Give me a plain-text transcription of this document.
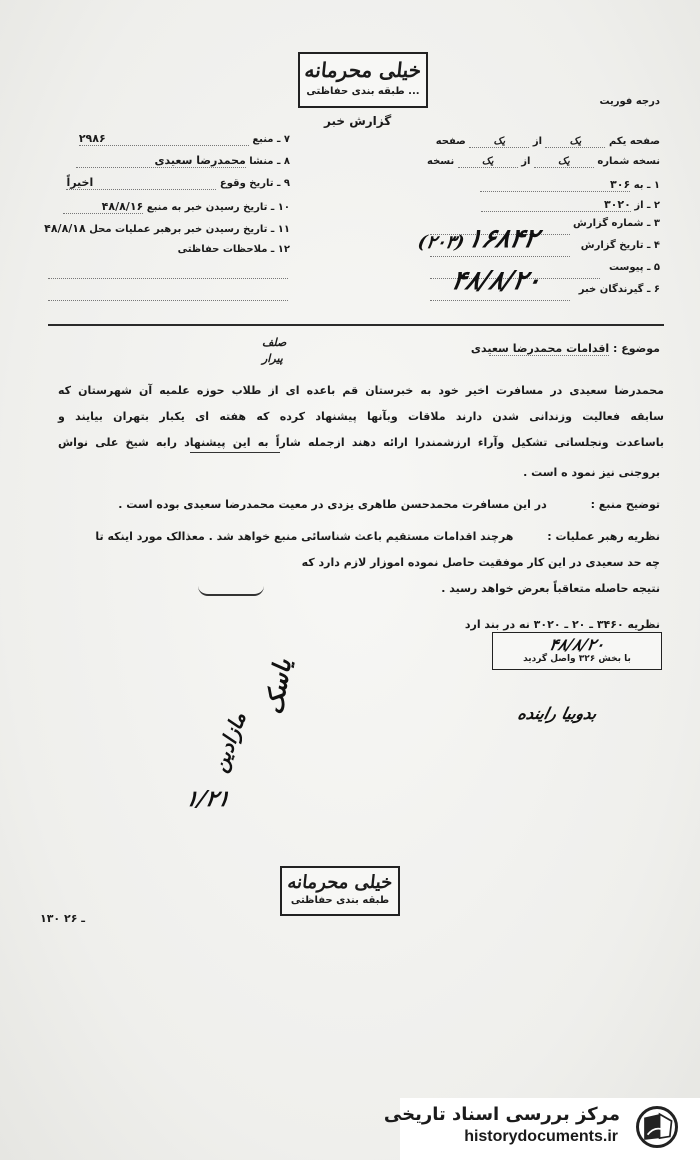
خیلی محرمانه
... طبقه بندی حفاظتی
درجه فوریت
گزارش خبر
صفحه یکم یک از یک صفحه
نسخه شماره یک از یک نسخه
۱ ـ به ۳۰۶
۲ ـ از ۳۰۲۰
۳ ـ شماره گزارش
۴ ـ تاریخ گزارش
۵ ـ پیوست
۶ ـ گیرندگان خبر
۱۶۸۴۲
(۲۰۳)
۴۸/۸/۲۰
۷ ـ منبع ۲۹۸۶
۸ ـ منشا محمدرضا سعیدی
۹ ـ تاریخ وقوع اخیراً
۱۰ ـ تاریخ رسیدن خبر به منبع ۴۸/۸/۱۶
۱۱ ـ تاریخ رسیدن خبر برهبر عملیات محل ۴۸/۸/۱۸
۱۲ ـ ملاحظات حفاظتی
صلف
پیرار
موضوع : اقدامات محمدرضا سعیدی
محمدرضا سعیدی در مسافرت اخیر خود به خبرستان قم باعده ای از طلاب حوزه علمیه آن شهرستان که
سابقه فعالیت وزندانی شدن دارند ملاقات وبآنها پیشنهاد کرده که هفته ای یکبار بتهران بیایند و
باساعدت ونجلساتی تشکیل وآراء ارزشمندرا ارائه دهند ازجمله شاراً به این پیشنهاد رابه شیخ علی نواش
بروجنی نیز نمود ه است .
توضیح منبع : در این مسافرت محمدحسن طاهری یزدی در معیت محمدرضا سعیدی بوده است .
نظریه رهبر عملیات : هرچند اقدامات مستقیم باعث شناسائی منبع خواهد شد . معذالک مورد اینکه تا
چه حد سعیدی در این کار موفقیت حاصل نموده اموزار لازم دارد که
نتیجه حاصله متعاقباً بعرض خواهد رسید .
نظریه ۳۴۶۰ ـ ۲۰ ـ ۳۰۲۰ نه در بند ارد
۴۸/۸/۲۰
با بخش ۳۲۶ واصل گردید
بدوبیا راینده
یاسک
مازادین
۱/۲۱
خیلی محرمانه
طبقه بندی حفاظتی
۱۳۰ ـ ۲۶
مرکز بررسی اسناد تاریخی
historydocuments.ir
